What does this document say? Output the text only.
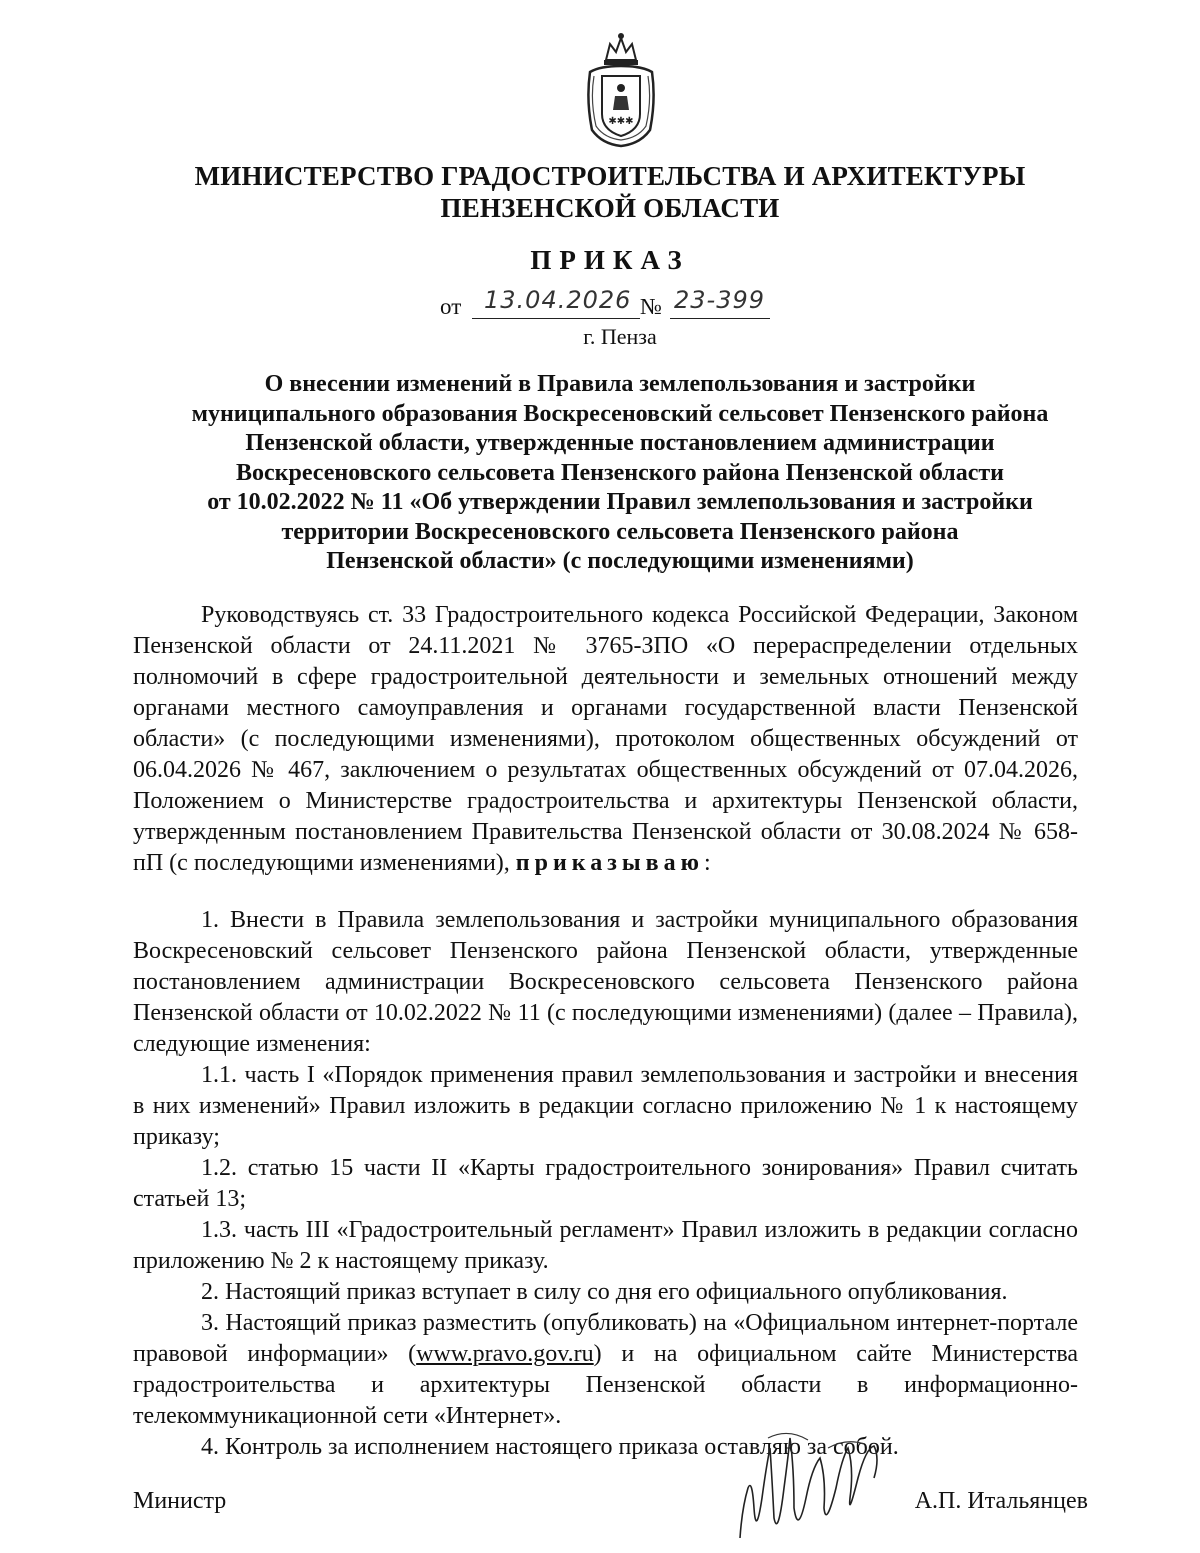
✱✱✱
МИНИСТЕРСТВО ГРАДОСТРОИТЕЛЬСТВА И АРХИТЕКТУРЫ
ПЕНЗЕНСКОЙ ОБЛАСТИ
ПРИКАЗ
от 13.04.2026 № 23-399
г. Пенза
О внесении изменений в Правила землепользования и застройки
муниципального образования Воскресеновский сельсовет Пензенского района
Пензенской области, утвержденные постановлением администрации
Воскресеновского сельсовета Пензенского района Пензенской области
от 10.02.2022 № 11 «Об утверждении Правил землепользования и застройки
территории Воскресеновского сельсовета Пензенского района
Пензенской области» (с последующими изменениями)

Руководствуясь ст. 33 Градостроительного кодекса Российской Федерации, Законом Пензенской области от 24.11.2021 № 3765-ЗПО «О перераспределении отдельных полномочий в сфере градостроительной деятельности и земельных отношений между органами местного самоуправления и органами государственной власти Пензенской области» (с последующими изменениями), протоколом общественных обсуждений от 06.04.2026 № 467, заключением о результатах общественных обсуждений от 07.04.2026, Положением о Министерстве градостроительства и архитектуры Пензенской области, утвержденным постановлением Правительства Пензенской области от 30.08.2024 № 658-пП (с последующими изменениями), приказываю:

1. Внести в Правила землепользования и застройки муниципального образования Воскресеновский сельсовет Пензенского района Пензенской области, утвержденные постановлением администрации Воскресеновского сельсовета Пензенского района Пензенской области от 10.02.2022 № 11 (с последующими изменениями) (далее – Правила), следующие изменения:

1.1. часть I «Порядок применения правил землепользования и застройки и внесения в них изменений» Правил изложить в редакции согласно приложению № 1 к настоящему приказу;

1.2. статью 15 части II «Карты градостроительного зонирования» Правил считать статьей 13;

1.3. часть III «Градостроительный регламент» Правил изложить в редакции согласно приложению № 2 к настоящему приказу.

2. Настоящий приказ вступает в силу со дня его официального опубликования.

3. Настоящий приказ разместить (опубликовать) на «Официальном интернет-портале правовой информации» (www.pravo.gov.ru) и на официальном сайте Министерства градостроительства и архитектуры Пензенской области в информационно-телекоммуникационной сети «Интернет».

4. Контроль за исполнением настоящего приказа оставляю за собой.

Министр	А.П. Итальянцев
